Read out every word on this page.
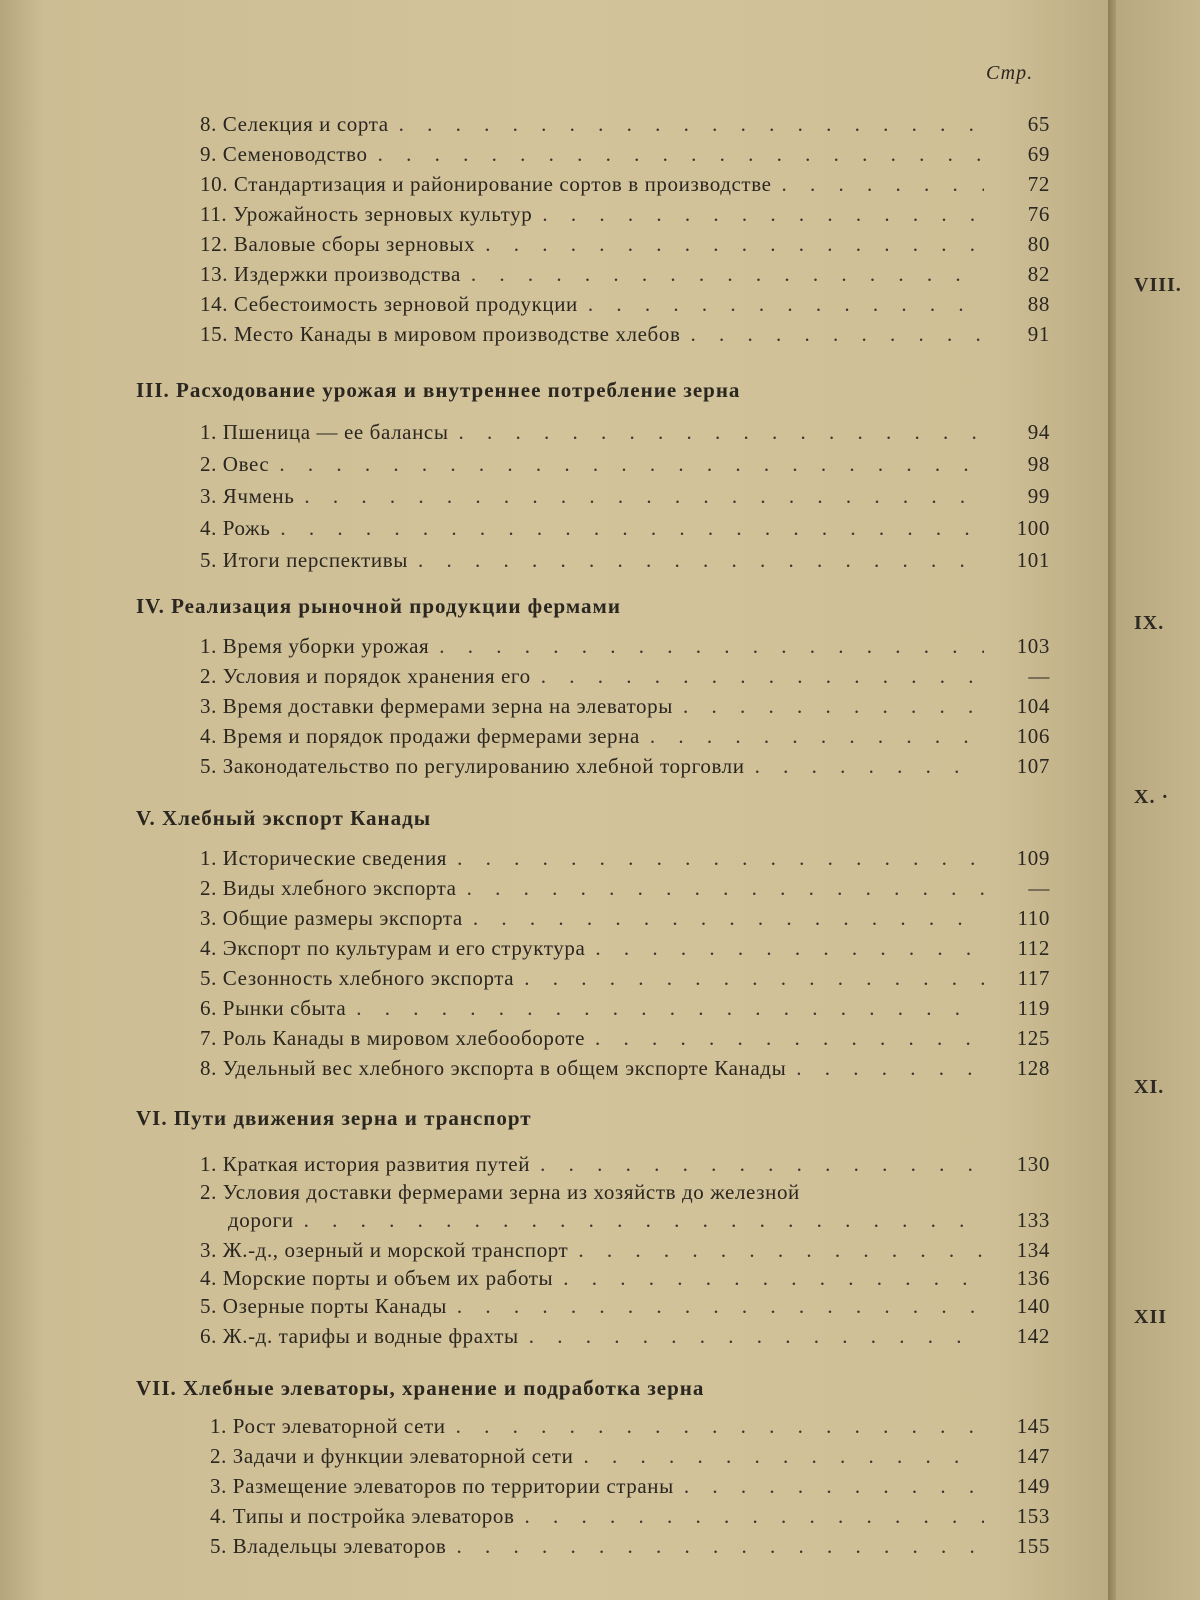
Стр.
VIII.
IX.
X. ·
XI.
XII
8. Селекция и сорта . . .	65
9. Семеноводство . . .	69
10. Стандартизация и районирование сортов в производстве . . .	72
11. Урожайность зерновых культур . . .	76
12. Валовые сборы зерновых . . .	80
13. Издержки производства . . .	82
14. Себестоимость зерновой продукции . . .	88
15. Место Канады в мировом производстве хлебов . . .	91
III. Расходование урожая и внутреннее потребление зерна
1. Пшеница — ее балансы . . .	94
2. Овес . . .	98
3. Ячмень . . .	99
4. Рожь . . .	100
5. Итоги перспективы . . .	101
IV. Реализация рыночной продукции фермами
1. Время уборки урожая . . .	103
2. Условия и порядок хранения его . . .	—
3. Время доставки фермерами зерна на элеваторы . . .	104
4. Время и порядок продажи фермерами зерна . . .	106
5. Законодательство по регулированию хлебной торговли . . .	107
V. Хлебный экспорт Канады
1. Исторические сведения . . .	109
2. Виды хлебного экспорта . . .	—
3. Общие размеры экспорта . . .	110
4. Экспорт по культурам и его структура . . .	112
5. Сезонность хлебного экспорта . . .	117
6. Рынки сбыта . . .	119
7. Роль Канады в мировом хлебообороте . . .	125
8. Удельный вес хлебного экспорта в общем экспорте Канады . . .	128
VI. Пути движения зерна и транспорт
1. Краткая история развития путей . . .	130
2. Условия доставки фермерами зерна из хозяйств до железной
дороги . . .	133
3. Ж.-д., озерный и морской транспорт . . .	134
4. Морские порты и объем их работы . . .	136
5. Озерные порты Канады . . .	140
6. Ж.-д. тарифы и водные фрахты . . .	142
VII. Хлебные элеваторы, хранение и подработка зерна
1. Рост элеваторной сети . . .	145
2. Задачи и функции элеваторной сети . . .	147
3. Размещение элеваторов по территории страны . . .	149
4. Типы и постройка элеваторов . . .	153
5. Владельцы элеваторов . . .	155
